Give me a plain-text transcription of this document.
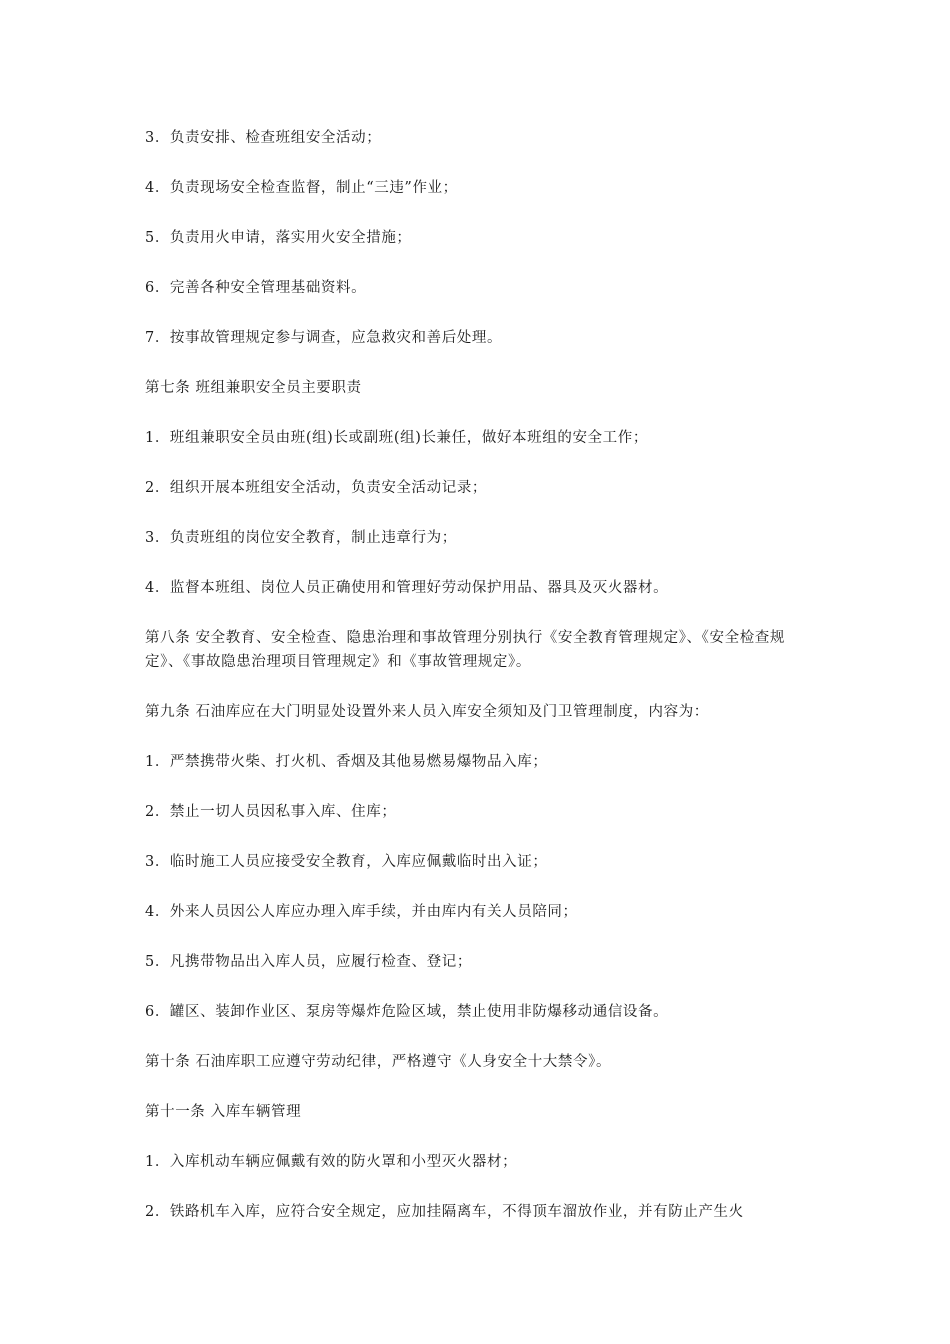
3．负责安排、检查班组安全活动；

4．负责现场安全检查监督，制止“三违”作业；

5．负责用火申请，落实用火安全措施；

6．完善各种安全管理基础资料。

7．按事故管理规定参与调查，应急救灾和善后处理。

第七条 班组兼职安全员主要职责

1．班组兼职安全员由班(组)长或副班(组)长兼任，做好本班组的安全工作；

2．组织开展本班组安全活动，负责安全活动记录；

3．负责班组的岗位安全教育，制止违章行为；

4．监督本班组、岗位人员正确使用和管理好劳动保护用品、器具及灭火器材。

第八条 安全教育、安全检查、隐患治理和事故管理分别执行《安全教育管理规定》、《安全检查规定》、《事故隐患治理项目管理规定》和《事故管理规定》。

第九条 石油库应在大门明显处设置外来人员入库安全须知及门卫管理制度，内容为：

1．严禁携带火柴、打火机、香烟及其他易燃易爆物品入库；

2．禁止一切人员因私事入库、住库；

3．临时施工人员应接受安全教育，入库应佩戴临时出入证；

4．外来人员因公人库应办理入库手续，并由库内有关人员陪同；

5．凡携带物品出入库人员，应履行检查、登记；

6．罐区、装卸作业区、泵房等爆炸危险区域，禁止使用非防爆移动通信设备。

第十条 石油库职工应遵守劳动纪律，严格遵守《人身安全十大禁令》。

第十一条 入库车辆管理

1．入库机动车辆应佩戴有效的防火罩和小型灭火器材；

2．铁路机车入库，应符合安全规定，应加挂隔离车，不得顶车溜放作业，并有防止产生火
